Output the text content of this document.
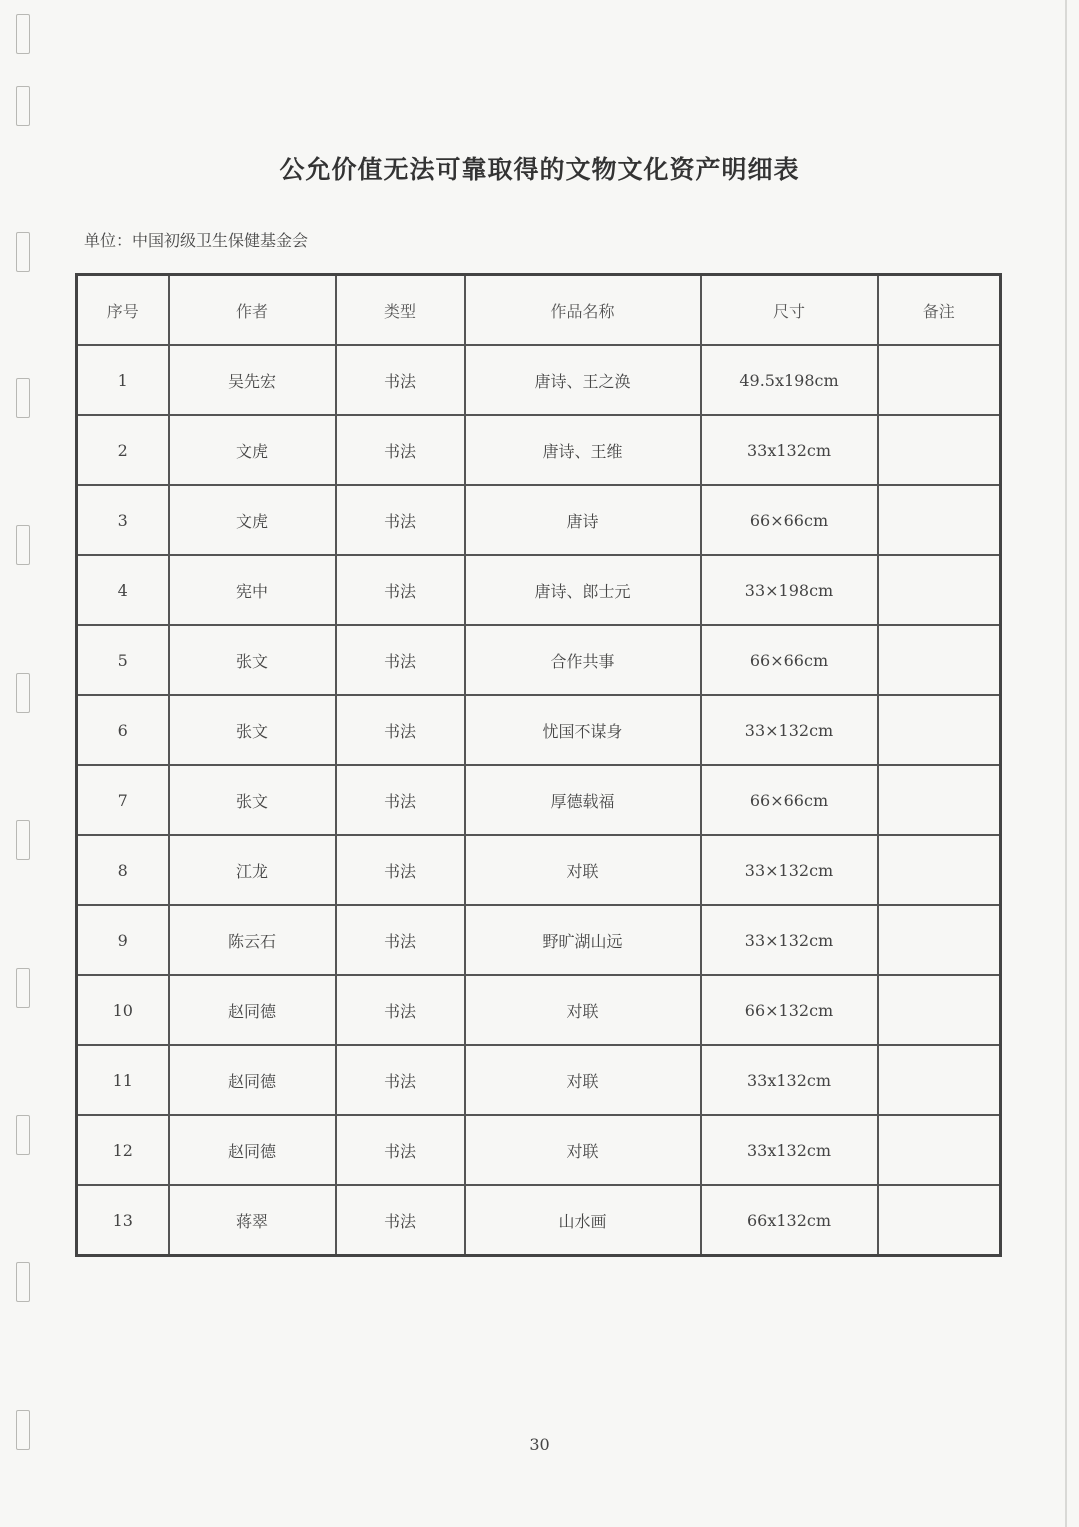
公允价值无法可靠取得的文物文化资产明细表
单位：中国初级卫生保健基金会
序号	作者	类型	作品名称	尺寸	备注
1	吴先宏	书法	唐诗、王之涣	49.5x198cm	
2	文虎	书法	唐诗、王维	33x132cm	
3	文虎	书法	唐诗	66×66cm	
4	宪中	书法	唐诗、郎士元	33×198cm	
5	张文	书法	合作共事	66×66cm	
6	张文	书法	忧国不谋身	33×132cm	
7	张文	书法	厚德载福	66×66cm	
8	江龙	书法	对联	33×132cm	
9	陈云石	书法	野旷湖山远	33×132cm	
10	赵同德	书法	对联	66×132cm	
11	赵同德	书法	对联	33x132cm	
12	赵同德	书法	对联	33x132cm	
13	蒋翠	书法	山水画	66x132cm	
30
